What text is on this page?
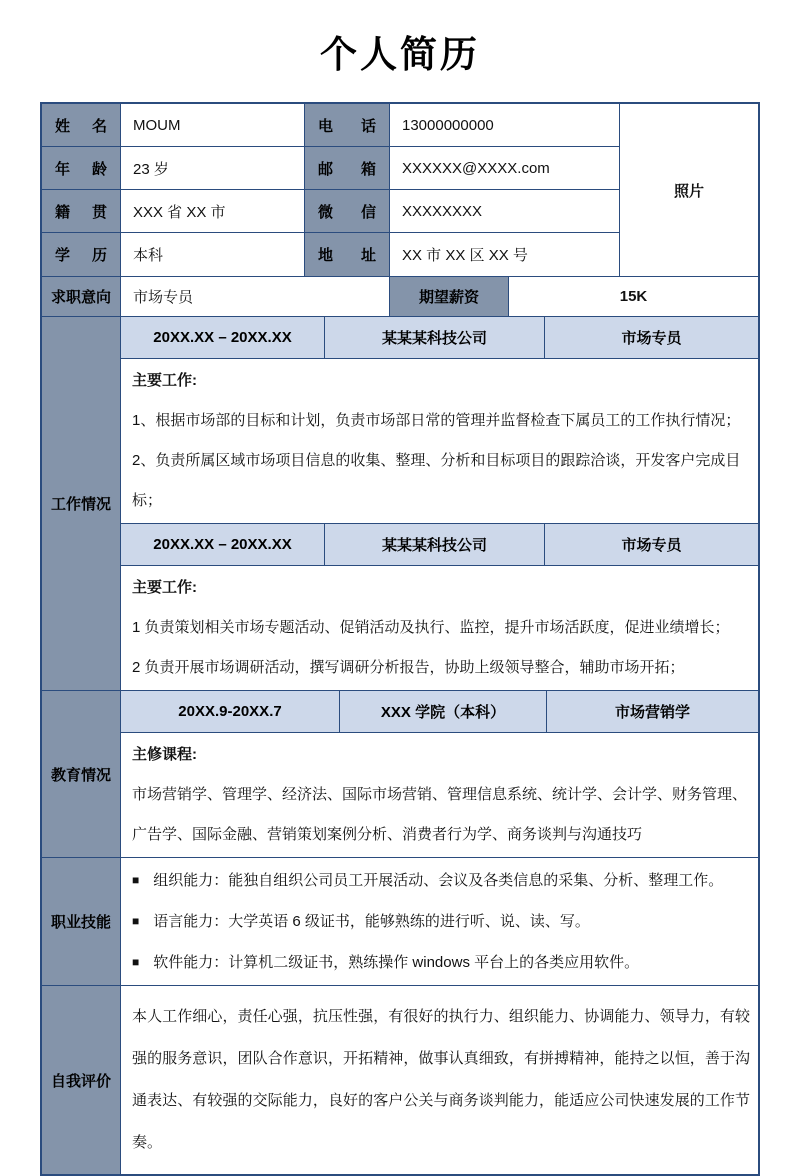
个人简历
照片
姓名	MOUM	电话	13000000000
年龄	23 岁	邮箱	XXXXXX@XXXX.com
籍贯	XXX 省 XX 市	微信	XXXXXXXX
学历	本科	地址	XX 市 XX 区 XX 号
求职意向	市场专员	期望薪资	15K
工作情况
20XX.XX – 20XX.XX	某某某科技公司	市场专员

主要工作:

1、根据市场部的目标和计划，负责市场部日常的管理并监督检查下属员工的工作执行情况；

2、负责所属区域市场项目信息的收集、整理、分析和目标项目的跟踪洽谈，开发客户完成目标；

20XX.XX – 20XX.XX	某某某科技公司	市场专员

主要工作:

1 负责策划相关市场专题活动、促销活动及执行、监控，提升市场活跃度，促进业绩增长；

2 负责开展市场调研活动，撰写调研分析报告，协助上级领导整合，辅助市场开拓；

教育情况
20XX.9-20XX.7	XXX 学院（本科）	市场营销学

主修课程:

市场营销学、管理学、经济法、国际市场营销、管理信息系统、统计学、会计学、财务管理、广告学、国际金融、营销策划案例分析、消费者行为学、商务谈判与沟通技巧

职业技能

■ 组织能力：能独自组织公司员工开展活动、会议及各类信息的采集、分析、整理工作。

■ 语言能力：大学英语 6 级证书，能够熟练的进行听、说、读、写。

■ 软件能力：计算机二级证书，熟练操作 windows 平台上的各类应用软件。

自我评价

本人工作细心，责任心强，抗压性强，有很好的执行力、组织能力、协调能力、领导力，有较强的服务意识，团队合作意识，开拓精神，做事认真细致，有拼搏精神，能持之以恒，善于沟通表达、有较强的交际能力，良好的客户公关与商务谈判能力，能适应公司快速发展的工作节奏。
